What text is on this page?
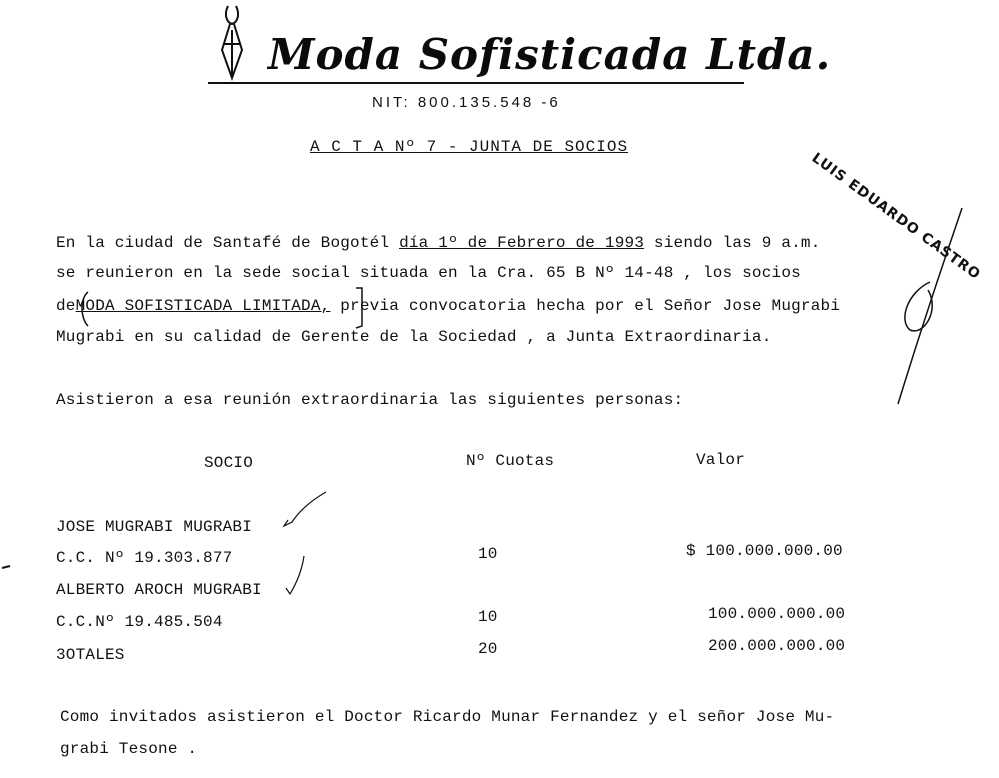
Moda Sofisticada Ltda.
NIT: 800.135.548 -6
A C T A Nº 7 - JUNTA DE SOCIOS
LUIS EDUARDO CASTRO
En la ciudad de Santafé de Bogotél día 1º de Febrero de 1993 siendo las 9 a.m.
se reunieron en la sede social situada en la Cra. 65 B Nº 14-48 , los socios
deMODA SOFISTICADA LIMITADA, previa convocatoria hecha por el Señor Jose Mugrabi
Mugrabi en su calidad de Gerente de la Sociedad , a Junta Extraordinaria.
Asistieron a esa reunión extraordinaria las siguientes personas:
SOCIO	Nº Cuotas	Valor
JOSE MUGRABI MUGRABI
C.C. Nº 19.303.877	10	$ 100.000.000.00
ALBERTO AROCH MUGRABI
C.C.Nº 19.485.504	10	100.000.000.00
3OTALES	20	200.000.000.00
Como invitados asistieron el Doctor Ricardo Munar Fernandez y el señor Jose Mu-
grabi Tesone .
